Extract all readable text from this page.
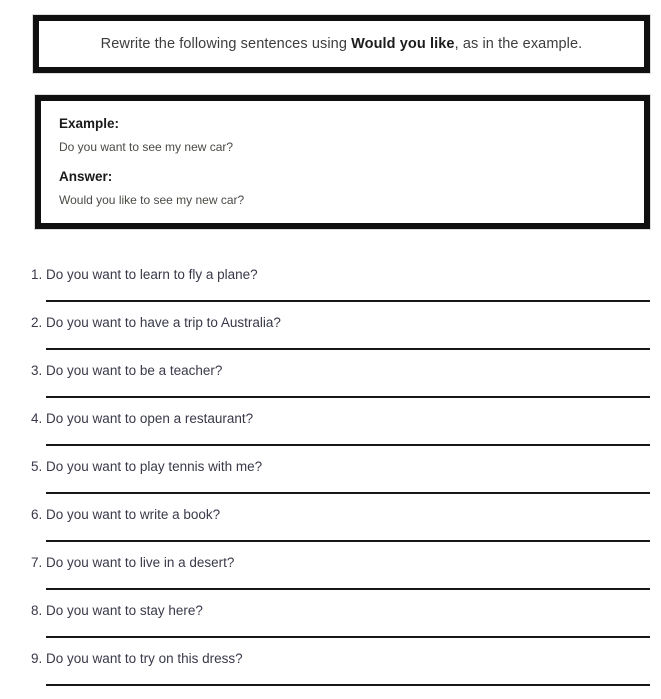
Rewrite the following sentences using Would you like, as in the example.

Example:

Do you want to see my new car?

Answer:

Would you like to see my new car?

1. Do you want to learn to fly a plane?

2. Do you want to have a trip to Australia?

3. Do you want to be a teacher?

4. Do you want to open a restaurant?

5. Do you want to play tennis with me?

6. Do you want to write a book?

7. Do you want to live in a desert?

8. Do you want to stay here?

9. Do you want to try on this dress?
